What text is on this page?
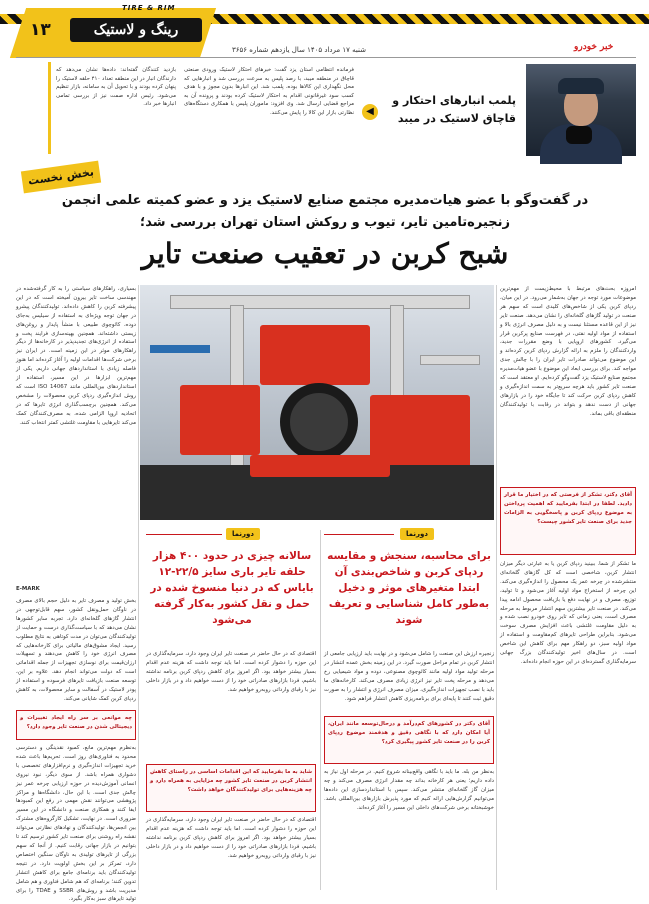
رینگ و لاستیک
TIRE & RIM
۱۳
شنبه ۱۷ مرداد ۱۴۰۵ سال یازدهم شماره ۳۶۵۶	خبر خودرو
پلمب انبارهای احتکار و قاچاق لاستیک در میبد
◀
فرمانده انتظامی استان یزد گفت: خبرهای احتکار لاستیک ورودی صنعتی قاچاق در منطقه میبد، با رصد پلیس به سرعت بررسی شد و انبارهایی که محل نگهداری این کالاها بوده، پلمب شد. این انبارها بدون مجوز و با هدف کسب سود غیرقانونی اقدام به احتکار لاستیک کرده بودند و پرونده آن به مراجع قضایی ارسال شد. وی افزود: ماموران پلیس با همکاری دستگاه‌های نظارتی بازار این کالا را پایش می‌کنند.
بازدید کنندگان گفته‌اند: داده‌ها نشان می‌دهد که دارندگان انبار در این منطقه تعداد ۴۱۰ حلقه لاستیک را پنهان کرده بودند و با تحویل آن به سامانه، بازار تنظیم می‌شود. رئیس اداره صمت نیز از بررسی تمامی انبارها خبر داد.
بخش نخست
در گفت‌وگو با عضو هیات‌مدیره مجتمع صنایع لاستیک یزد و عضو کمیته علمی انجمن
زنجیره‌تامین تایر، تیوب و روکش استان تهران بررسی شد؛
شبح کربن در تعقیب صنعت تایر
امروزه بحث‌های مرتبط با محیط‌زیست از مهم‌ترین موضوعات مورد توجه در جهان به‌شمار می‌رود. در این میان، ردپای کربن یکی از شاخص‌های کلیدی است که سهم هر صنعت در تولید گازهای گلخانه‌ای را نشان می‌دهد. صنعت تایر نیز از این قاعده مستثنا نیست و به دلیل مصرف انرژی بالا و استفاده از مواد اولیه نفتی، در فهرست صنایع پرکربن قرار می‌گیرد. کشورهای اروپایی با وضع مقررات جدید، واردکنندگان را ملزم به ارائه گزارش ردپای کربن کرده‌اند و این موضوع می‌تواند صادرات تایر ایران را با چالش جدی مواجه کند. برای بررسی ابعاد این موضوع با عضو هیات‌مدیره مجتمع صنایع لاستیک یزد گفت‌وگو کرده‌ایم. او معتقد است که صنعت تایر کشور باید هرچه سریع‌تر به سمت اندازه‌گیری و کاهش ردپای کربن حرکت کند تا جایگاه خود را در بازارهای جهانی از دست ندهد و بتواند در رقابت با تولیدکنندگان منطقه‌ای باقی بماند.
آقای دکتر، تشکر از فرصتی که در اختیار ما قرار دادید. لطفا در ابتدا بفرمایید که اهمیت پرداختن به موضوع ردپای کربن و پاسخگویی به الزامات جدید برای صنعت تایر کشور چیست؟
ما تشکر از شما. ببینید ردپای کربن یا به عبارتی دیگر میزان انتشار کربن، شاخصی است که کل گازهای گلخانه‌ای منتشرشده در چرخه عمر یک محصول را اندازه‌گیری می‌کند. این چرخه از استخراج مواد اولیه آغاز می‌شود و تا تولید، توزیع، مصرف و در نهایت دفع یا بازیافت محصول ادامه پیدا می‌کند. در صنعت تایر بیشترین سهم انتشار مربوط به مرحله مصرف است، یعنی زمانی که تایر روی خودرو نصب شده و به دلیل مقاومت غلتشی باعث افزایش مصرف سوخت می‌شود. بنابراین طراحی تایرهای کم‌مقاومت و استفاده از مواد اولیه سبز، دو راهکار مهم برای کاهش این شاخص است. در سال‌های اخیر تولیدکنندگان بزرگ جهانی سرمایه‌گذاری گسترده‌ای در این حوزه انجام داده‌اند.
بسیاری، راهکارهای سیاستی را به کار گرفته‌شده در مهندسی ساخت تایر بیرون آمیخته است که در این پیشرفته کربن را کاهش داده‌اند. تولیدکنندگان پیشرو در جهان توجه ویژه‌ای به استفاده از سیلیس به‌جای دوده، کائوچوی طبیعی با منشأ پایدار و روغن‌های زیستی داشته‌اند. همچنین بهینه‌سازی فرایند پخت و استفاده از انرژی‌های تجدیدپذیر در کارخانه‌ها از دیگر راهکارهای موثر در این زمینه است. در ایران نیز برخی شرکت‌ها اقدامات اولیه را آغاز کرده‌اند اما هنوز فاصله زیادی با استانداردهای جهانی داریم. یکی از مهم‌ترین ابزارها در این مسیر، استفاده از استانداردهای بین‌المللی مانند ISO 14067 است که روش اندازه‌گیری ردپای کربن محصولات را مشخص می‌کند. همچنین برچسب‌گذاری انرژی تایرها که در اتحادیه اروپا الزامی شده، به مصرف‌کنندگان کمک می‌کند تایرهایی با مقاومت غلتشی کمتر انتخاب کنند.
E-MARK
بخش تولید و مصرف تایر به دلیل حجم بالای مصرف در ناوگان حمل‌ونقل کشور، سهم قابل‌توجهی در انتشار گازهای گلخانه‌ای دارد. تجربه سایر کشورها نشان می‌دهد که با سیاست‌گذاری درست و حمایت از تولیدکنندگان می‌توان در مدت کوتاهی به نتایج مطلوب رسید. ایجاد مشوق‌های مالیاتی برای کارخانه‌هایی که مصرف انرژی خود را کاهش می‌دهند و تسهیلات ارزان‌قیمت برای نوسازی تجهیزات از جمله اقداماتی است که دولت می‌تواند انجام دهد. علاوه بر این، توسعه صنعت بازیافت تایرهای فرسوده و استفاده از پودر لاستیک در آسفالت و سایر محصولات، به کاهش ردپای کربن کمک شایانی می‌کند.
چه موانعی بر سر راه ایجاد تغییرات و دیجیتالی شدن در صنعت تایر وجود دارد؟
به‌نظرم مهم‌ترین مانع، کمبود نقدینگی و دسترسی محدود به فناوری‌های روز است. تحریم‌ها باعث شده خرید تجهیزات اندازه‌گیری و نرم‌افزارهای تخصصی با دشواری همراه باشد. از سوی دیگر، نبود نیروی انسانی آموزش‌دیده در حوزه ارزیابی چرخه عمر نیز چالش جدی است. با این حال، دانشگاه‌ها و مراکز پژوهشی می‌توانند نقش مهمی در رفع این کمبودها ایفا کنند و همکاری صنعت و دانشگاه در این مسیر ضروری است. در نهایت، تشکیل کارگروه‌های مشترک بین انجمن‌ها، تولیدکنندگان و نهادهای نظارتی می‌تواند نقشه راه روشنی برای صنعت تایر کشور ترسیم کند تا بتوانیم در بازار جهانی رقابت کنیم. از آنجا که سهم بزرگی از تایرهای تولیدی به ناوگان سنگین اختصاص دارد، تمرکز بر این بخش اولویت دارد. در نتیجه تولیدکنندگان باید برنامه‌ای جامع برای کاهش انتشار تدوین کنند؛ برنامه‌ای که هم شامل فناوری و هم شامل مدیریت باشد و روش‌های SSBR و TDAE را برای تولید تایرهای سبز به‌کار بگیرد.
دورنما
برای محاسبه، سنجش و مقایسه ردپای کربن و شاخص‌بندی آن ابتدا متغیرهای موثر و دخیل به‌طور کامل شناسایی و تعریف شوند
دورنما
سالانه چیزی در حدود ۴۰۰ هزار حلقه تایر باری سایز ۲۲/۵-۱۲ بایاس که در دنیا منسوخ شده در حمل و نقل کشور به‌کار گرفته می‌شود
زنجیره ارزش این صنعت را شامل می‌شود و در نهایت باید ارزیابی جامعی از انتشار کربن در تمام مراحل صورت گیرد. در این زمینه بخش عمده انتشار در مرحله تولید مواد اولیه مانند کائوچوی مصنوعی، دوده و مواد شیمیایی رخ می‌دهد و مرحله پخت تایر نیز انرژی زیادی مصرف می‌کند. کارخانه‌های ما باید با نصب تجهیزات اندازه‌گیری، میزان مصرف انرژی و انتشار را به صورت دقیق ثبت کنند تا پایه‌ای برای برنامه‌ریزی کاهش انتشار فراهم شود.
آقای دکتر در کشورهای کم‌درآمد و درحال‌توسعه مانند ایران، آیا امکان دارد که با نگاهی دقیق و هدفمند موضوع ردپای کربن را در صنعت تایر کشور پیگیری کرد؟
به‌نظر من بله. ما باید با نگاهی واقع‌بینانه شروع کنیم. در مرحله اول نیاز به داده داریم؛ یعنی هر کارخانه بداند چه مقدار انرژی مصرف می‌کند و چه میزان گاز گلخانه‌ای منتشر می‌کند. سپس با استانداردسازی این داده‌ها می‌توانیم گزارش‌هایی ارائه کنیم که مورد پذیرش بازارهای بین‌المللی باشد. خوشبختانه برخی شرکت‌های داخلی این مسیر را آغاز کرده‌اند.
اقتصادی که در حال حاضر در صنعت تایر ایران وجود دارد، سرمایه‌گذاری در این حوزه را دشوار کرده است. اما باید توجه داشت که هزینه عدم اقدام بسیار بیشتر خواهد بود. اگر امروز برای کاهش ردپای کربن برنامه نداشته باشیم، فردا بازارهای صادراتی خود را از دست خواهیم داد و در بازار داخلی نیز با رقبای وارداتی روبه‌رو خواهیم شد.
شاید به ما بفرمایید که این اقدامات اساسی در راستای کاهش انتشار کربن در صنعت تایر کشور چه مزایایی به همراه دارد و چه هزینه‌هایی برای تولیدکنندگان خواهد داشت؟
اقتصادی که در حال حاضر در صنعت تایر ایران وجود دارد، سرمایه‌گذاری در این حوزه را دشوار کرده است. اما باید توجه داشت که هزینه عدم اقدام بسیار بیشتر خواهد بود. اگر امروز برای کاهش ردپای کربن برنامه نداشته باشیم، فردا بازارهای صادراتی خود را از دست خواهیم داد و در بازار داخلی نیز با رقبای وارداتی روبه‌رو خواهیم شد.
